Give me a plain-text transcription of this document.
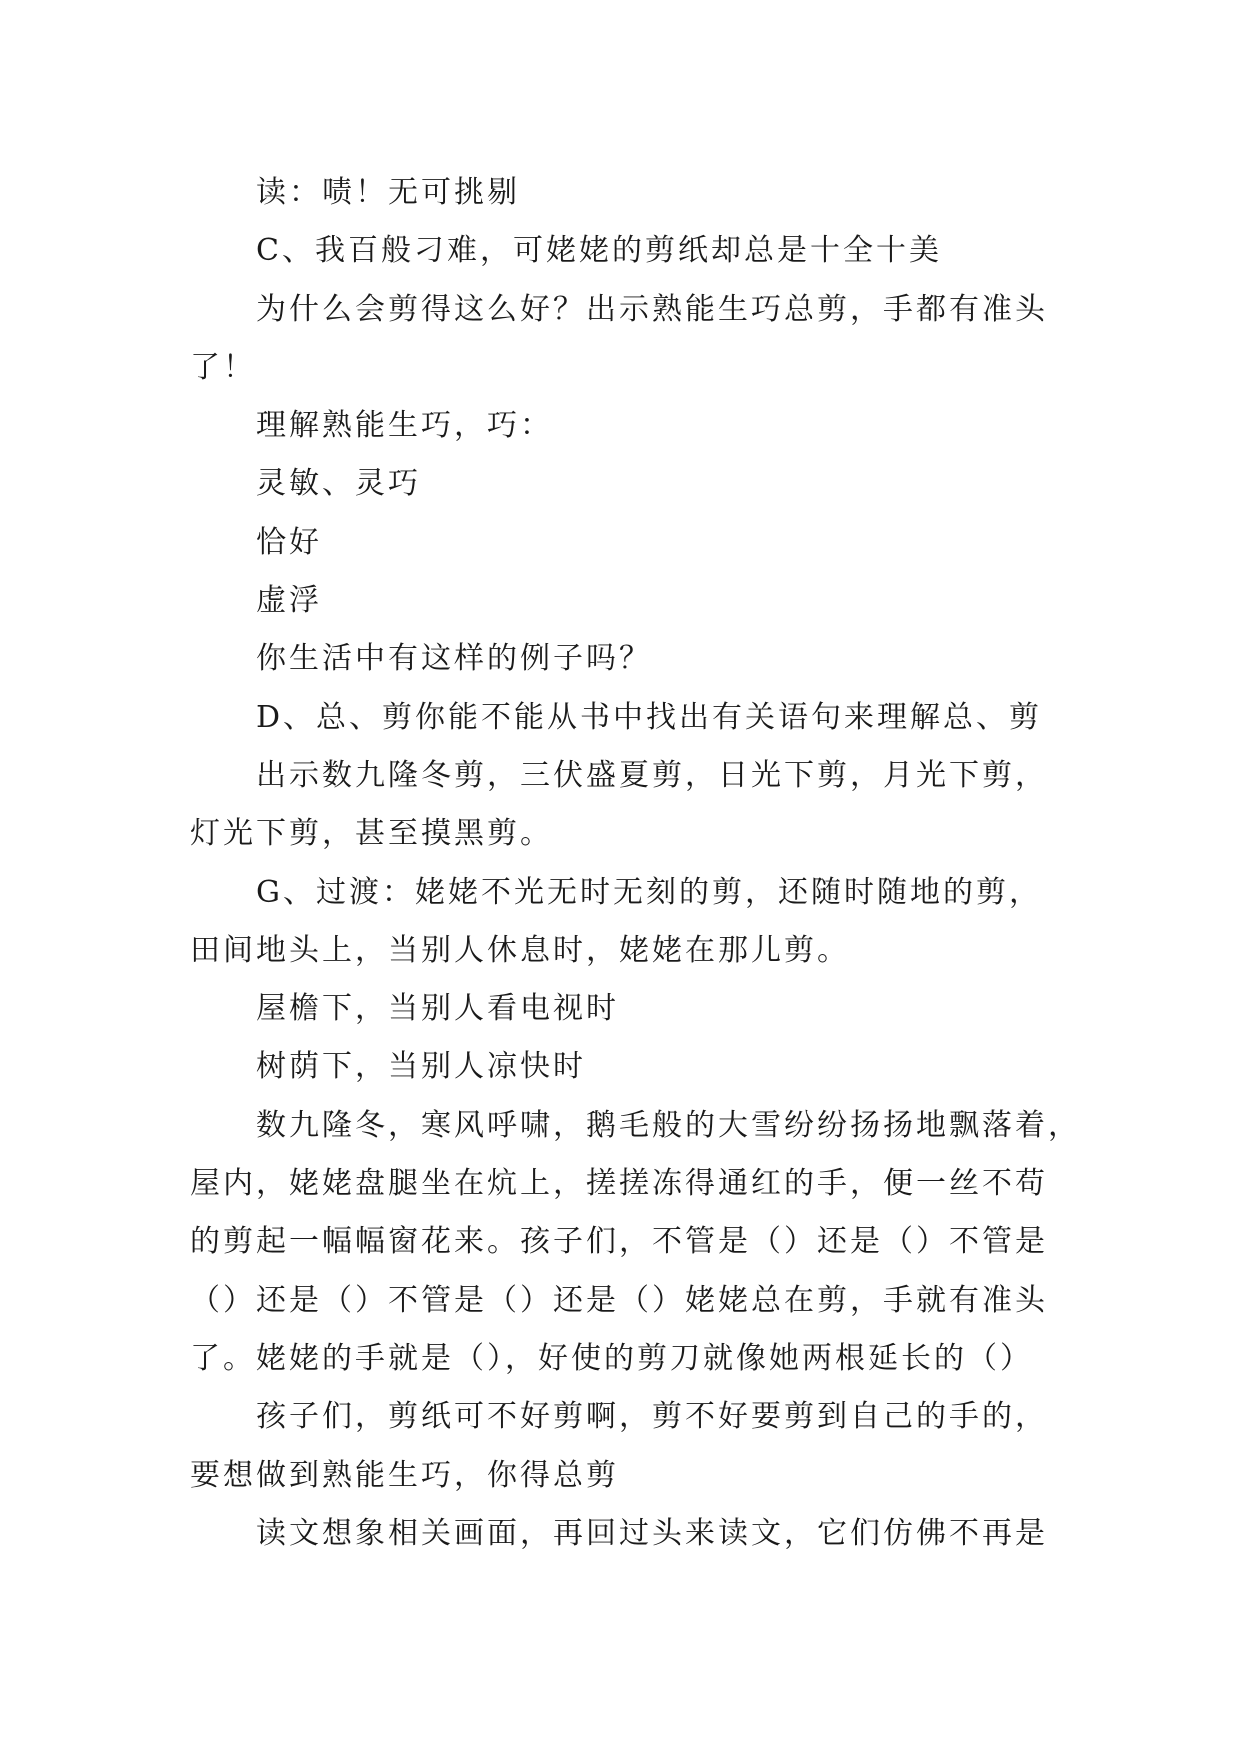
读：啧！无可挑剔
C、我百般刁难，可姥姥的剪纸却总是十全十美
为什么会剪得这么好？出示熟能生巧总剪，手都有准头
了！
理解熟能生巧，巧：
灵敏、灵巧
恰好
虚浮
你生活中有这样的例子吗？
D、总、剪你能不能从书中找出有关语句来理解总、剪
出示数九隆冬剪，三伏盛夏剪，日光下剪，月光下剪，
灯光下剪，甚至摸黑剪。
G、过渡：姥姥不光无时无刻的剪，还随时随地的剪，
田间地头上，当别人休息时，姥姥在那儿剪。
屋檐下，当别人看电视时
树荫下，当别人凉快时
数九隆冬，寒风呼啸，鹅毛般的大雪纷纷扬扬地飘落着，
屋内，姥姥盘腿坐在炕上，搓搓冻得通红的手，便一丝不苟
的剪起一幅幅窗花来。孩子们，不管是（）还是（）不管是
（）还是（）不管是（）还是（）姥姥总在剪，手就有准头
了。姥姥的手就是（），好使的剪刀就像她两根延长的（）
孩子们，剪纸可不好剪啊，剪不好要剪到自己的手的，
要想做到熟能生巧，你得总剪
读文想象相关画面，再回过头来读文，它们仿佛不再是
